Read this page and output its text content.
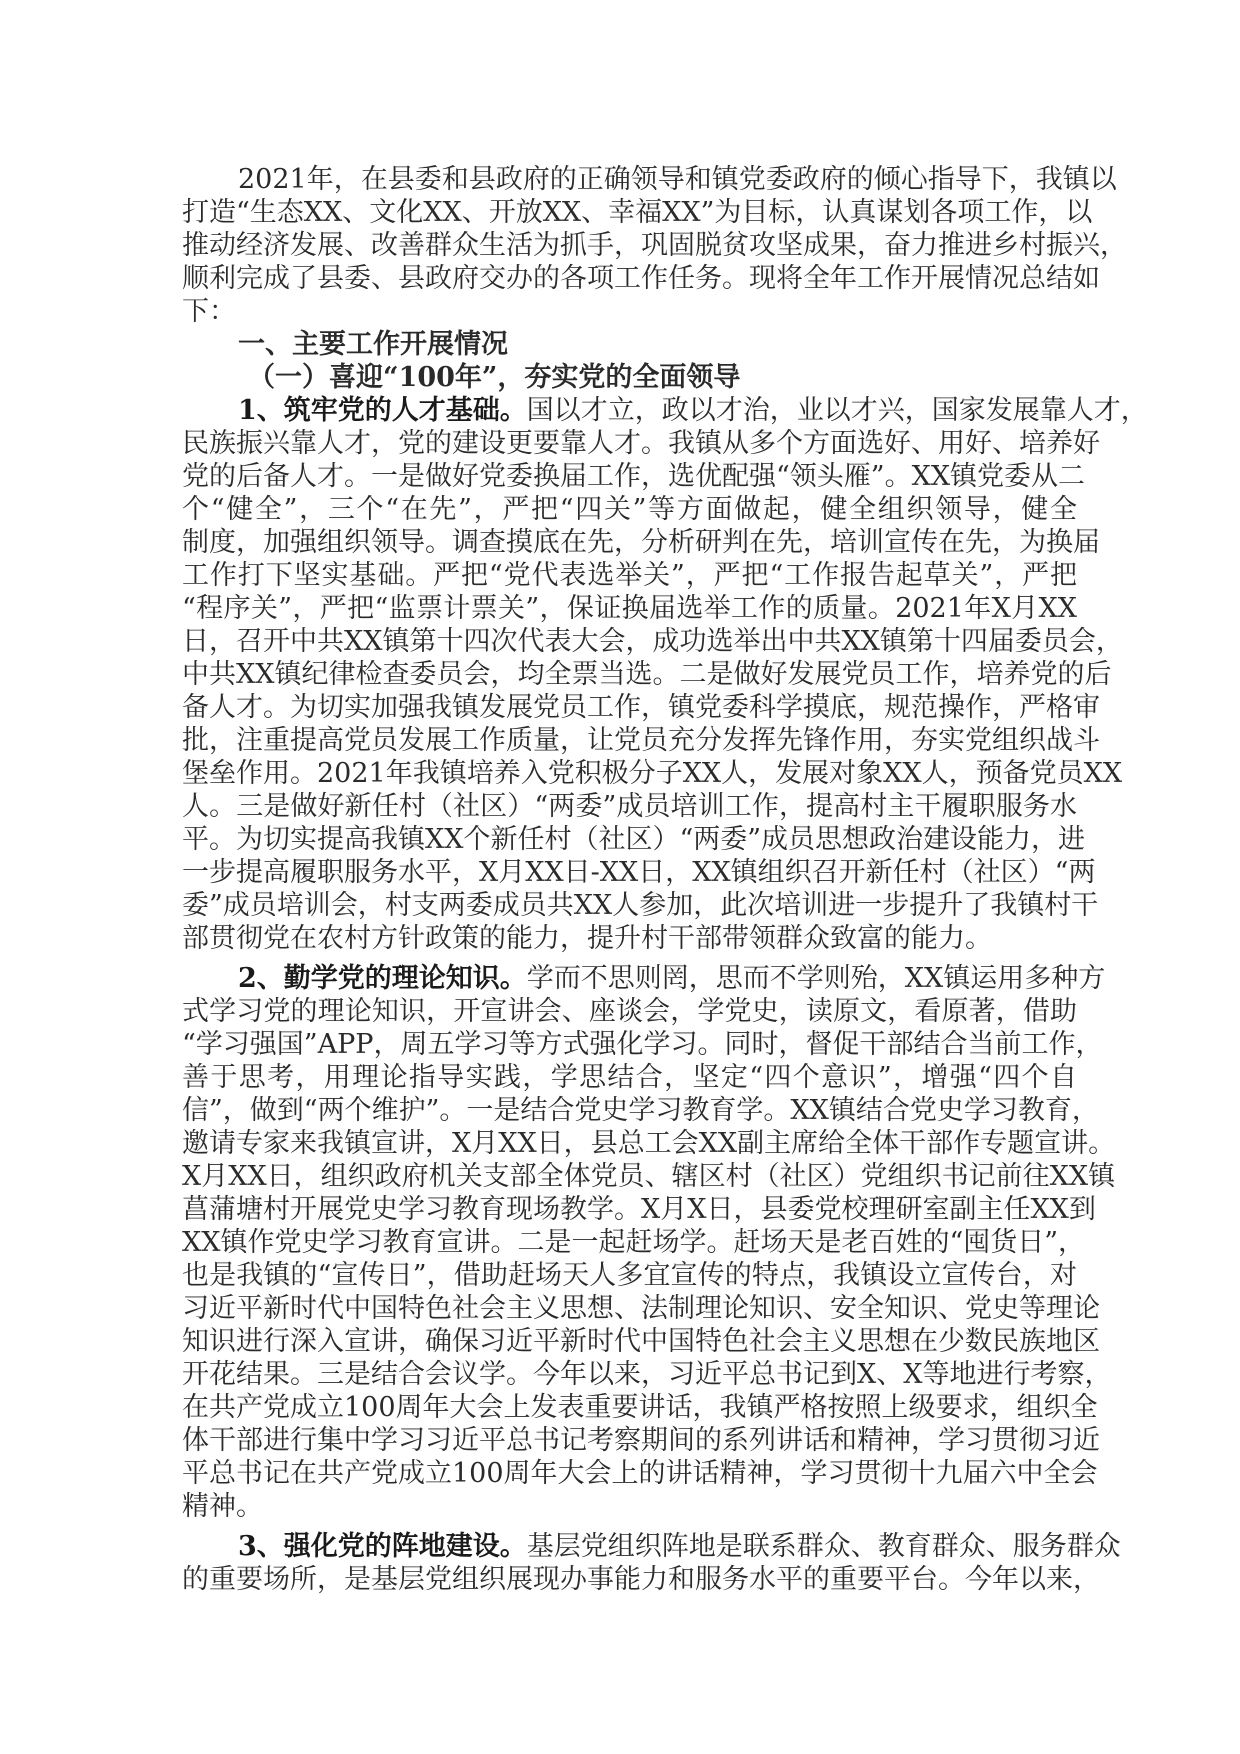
2021年，在县委和县政府的正确领导和镇党委政府的倾心指导下，我镇以
打造“生态XX、文化XX、开放XX、幸福XX”为目标，认真谋划各项工作，以
推动经济发展、改善群众生活为抓手，巩固脱贫攻坚成果，奋力推进乡村振兴，
顺利完成了县委、县政府交办的各项工作任务。现将全年工作开展情况总结如
下：
一、主要工作开展情况
（一）喜迎“100年”，夯实党的全面领导
1、筑牢党的人才基础。国以才立，政以才治，业以才兴，国家发展靠人才，
民族振兴靠人才，党的建设更要靠人才。我镇从多个方面选好、用好、培养好
党的后备人才。一是做好党委换届工作，选优配强“领头雁”。XX镇党委从二
个“健全”，三个“在先”，严把“四关”等方面做起，健全组织领导，健全
制度，加强组织领导。调查摸底在先，分析研判在先，培训宣传在先，为换届
工作打下坚实基础。严把“党代表选举关”，严把“工作报告起草关”，严把
“程序关”，严把“监票计票关”，保证换届选举工作的质量。2021年X月XX
日，召开中共XX镇第十四次代表大会，成功选举出中共XX镇第十四届委员会，
中共XX镇纪律检查委员会，均全票当选。二是做好发展党员工作，培养党的后
备人才。为切实加强我镇发展党员工作，镇党委科学摸底，规范操作，严格审
批，注重提高党员发展工作质量，让党员充分发挥先锋作用，夯实党组织战斗
堡垒作用。2021年我镇培养入党积极分子XX人，发展对象XX人，预备党员XX
人。三是做好新任村（社区）“两委”成员培训工作，提高村主干履职服务水
平。为切实提高我镇XX个新任村（社区）“两委”成员思想政治建设能力，进
一步提高履职服务水平，X月XX日-XX日，XX镇组织召开新任村（社区）“两
委”成员培训会，村支两委成员共XX人参加，此次培训进一步提升了我镇村干
部贯彻党在农村方针政策的能力，提升村干部带领群众致富的能力。
2、勤学党的理论知识。学而不思则罔，思而不学则殆，XX镇运用多种方
式学习党的理论知识，开宣讲会、座谈会，学党史，读原文，看原著，借助
“学习强国”APP，周五学习等方式强化学习。同时，督促干部结合当前工作，
善于思考，用理论指导实践，学思结合，坚定“四个意识”，增强“四个自
信”，做到“两个维护”。一是结合党史学习教育学。XX镇结合党史学习教育，
邀请专家来我镇宣讲，X月XX日，县总工会XX副主席给全体干部作专题宣讲。
X月XX日，组织政府机关支部全体党员、辖区村（社区）党组织书记前往XX镇
菖蒲塘村开展党史学习教育现场教学。X月X日，县委党校理研室副主任XX到
XX镇作党史学习教育宣讲。二是一起赶场学。赶场天是老百姓的“囤货日”，
也是我镇的“宣传日”，借助赶场天人多宜宣传的特点，我镇设立宣传台，对
习近平新时代中国特色社会主义思想、法制理论知识、安全知识、党史等理论
知识进行深入宣讲，确保习近平新时代中国特色社会主义思想在少数民族地区
开花结果。三是结合会议学。今年以来，习近平总书记到X、X等地进行考察，
在共产党成立100周年大会上发表重要讲话，我镇严格按照上级要求，组织全
体干部进行集中学习习近平总书记考察期间的系列讲话和精神，学习贯彻习近
平总书记在共产党成立100周年大会上的讲话精神，学习贯彻十九届六中全会
精神。
3、强化党的阵地建设。基层党组织阵地是联系群众、教育群众、服务群众
的重要场所，是基层党组织展现办事能力和服务水平的重要平台。今年以来，
